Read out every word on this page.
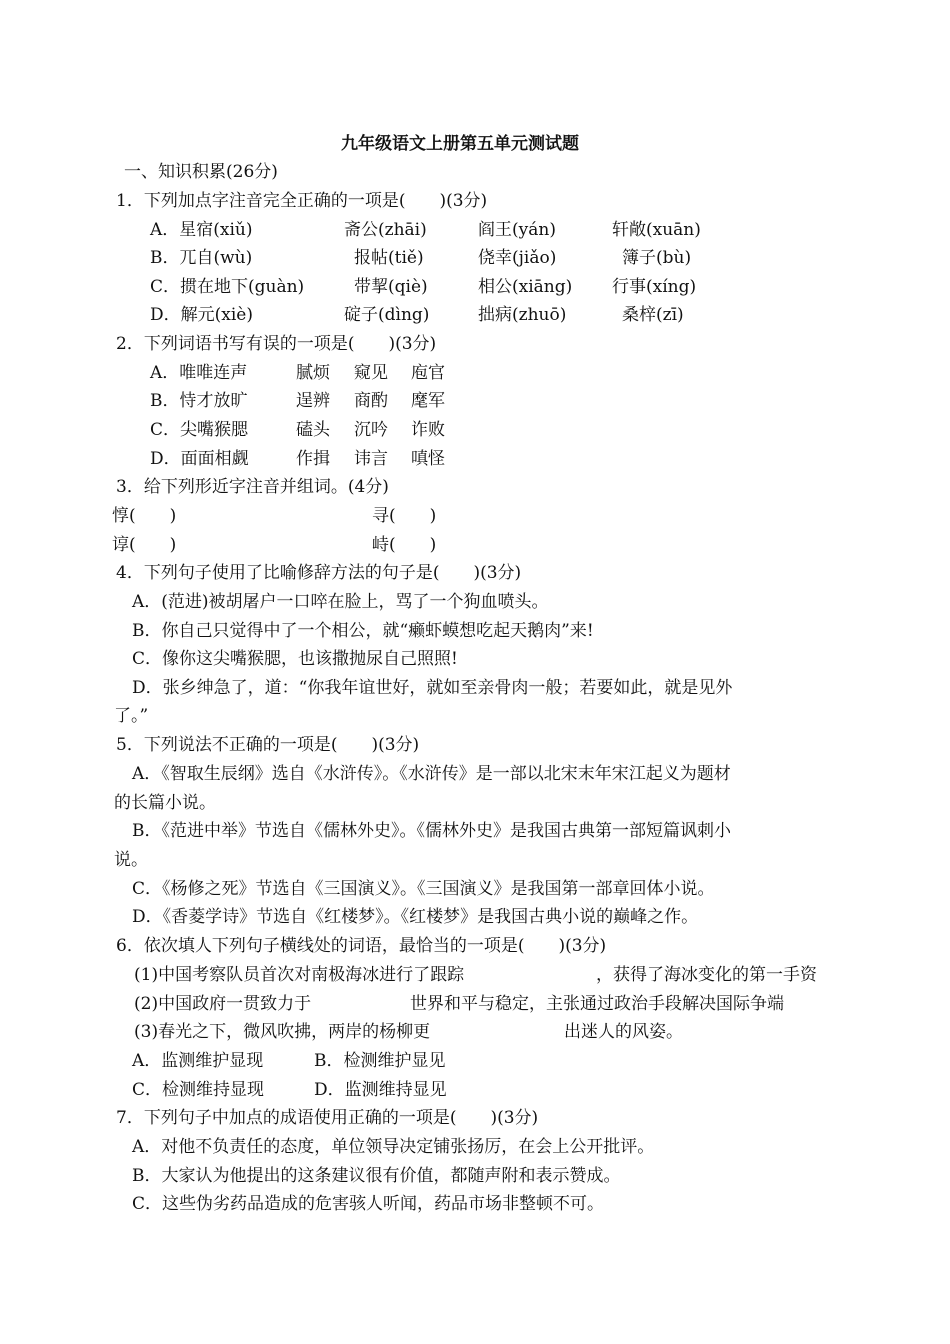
九年级语文上册第五单元测试题
一、知识积累(26分)
1．下列加点字注音完全正确的一项是(　　)(3分)
A．星宿(xiǔ)	斋公(zhāi)	阎王(yán)	轩敞(xuān)
B．兀自(wù)	报帖(tiě)	侥幸(jiǎo)	簿子(bù)
C．掼在地下(guàn)	带挈(qiè)	相公(xiāng) 行事(xíng)
D．解元(xiè)	碇子(dìng)	拙病(zhuō)	桑梓(zī)
2．下列词语书写有误的一项是(　　)(3分)
A．唯唯连声	腻烦 窥见 庖官
B．恃才放旷	逞辨 商酌 麾军
C．尖嘴猴腮	磕头 沉吟 诈败
D．面面相觑	作揖 讳言 嗔怪
3．给下列形近字注音并组词。(4分)
惇(　　)	寻(　　)
谆(　　)	峙(　　)
4．下列句子使用了比喻修辞方法的句子是(　　)(3分)
A．(范进)被胡屠户一口啐在脸上，骂了一个狗血喷头。
B．你自己只觉得中了一个相公，就“癞虾蟆想吃起天鹅肉”来!
C．像你这尖嘴猴腮，也该撒抛尿自己照照!
D．张乡绅急了，道：“你我年谊世好，就如至亲骨肉一般；若要如此，就是见外
了。”
5．下列说法不正确的一项是(　　)(3分)
A．《智取生辰纲》选自《水浒传》。《水浒传》是一部以北宋末年宋江起义为题材
的长篇小说。
B．《范进中举》节选自《儒林外史》。《儒林外史》是我国古典第一部短篇讽刺小
说。
C．《杨修之死》节选自《三国演义》。《三国演义》是我国第一部章回体小说。
D．《香菱学诗》节选自《红楼梦》。《红楼梦》是我国古典小说的巅峰之作。
6．依次填人下列句子横线处的词语，最恰当的一项是(　　)(3分)
(1)中国考察队员首次对南极海冰进行了跟踪	，获得了海冰变化的第一手资
(2)中国政府一贯致力于	世界和平与稳定，主张通过政治手段解决国际争端
(3)春光之下，微风吹拂，两岸的杨柳更	出迷人的风姿。
A．监测维护显现	B．检测维护显见
C．检测维持显现	D．监测维持显见
7．下列句子中加点的成语使用正确的一项是(　　)(3分)
A．对他不负责任的态度，单位领导决定铺张扬厉，在会上公开批评。
B．大家认为他提出的这条建议很有价值，都随声附和表示赞成。
C．这些伪劣药品造成的危害骇人听闻，药品市场非整顿不可。
